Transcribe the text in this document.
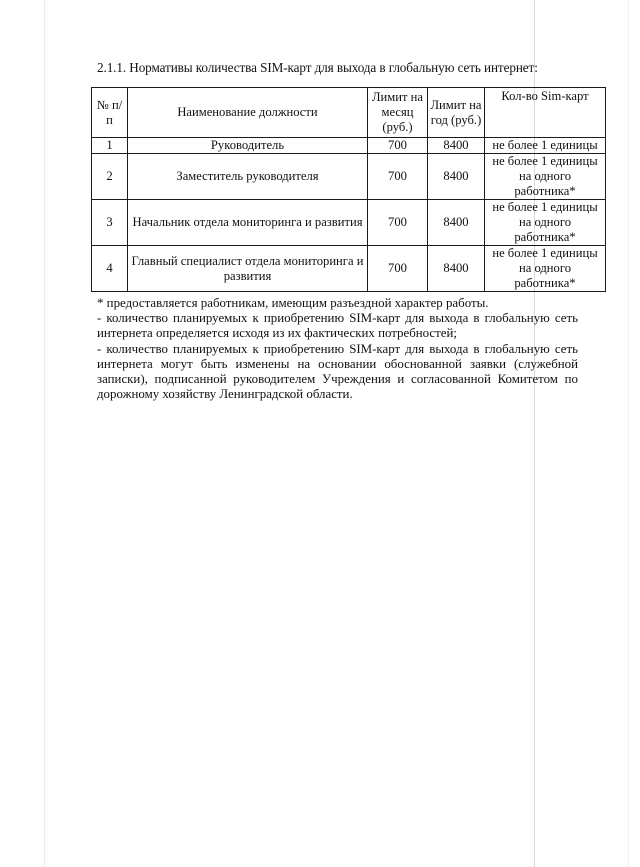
2.1.1. Нормативы количества SIM-карт для выхода в глобальную сеть интернет:
№ п/п	Наименование должности	Лимит на месяц (руб.)	Лимит на год (руб.)	Кол-во Sim-карт
1	Руководитель	700	8400	не более 1 единицы
2	Заместитель руководителя	700	8400	не более 1 единицы на одного работника*
3	Начальник отдела мониторинга и развития	700	8400	не более 1 единицы на одного работника*
4	Главный специалист отдела мониторинга и развития	700	8400	не более 1 единицы на одного работника*

* предоставляется работникам, имеющим разъездной характер работы.

- количество планируемых к приобретению SIM-карт для выхода в глобальную сеть интернета определяется исходя из их фактических потребностей;

- количество планируемых к приобретению SIM-карт для выхода в глобальную сеть интернета могут быть изменены на основании обоснованной заявки (служебной записки), подписанной руководителем Учреждения и согласованной Комитетом по дорожному хозяйству Ленинградской области.
